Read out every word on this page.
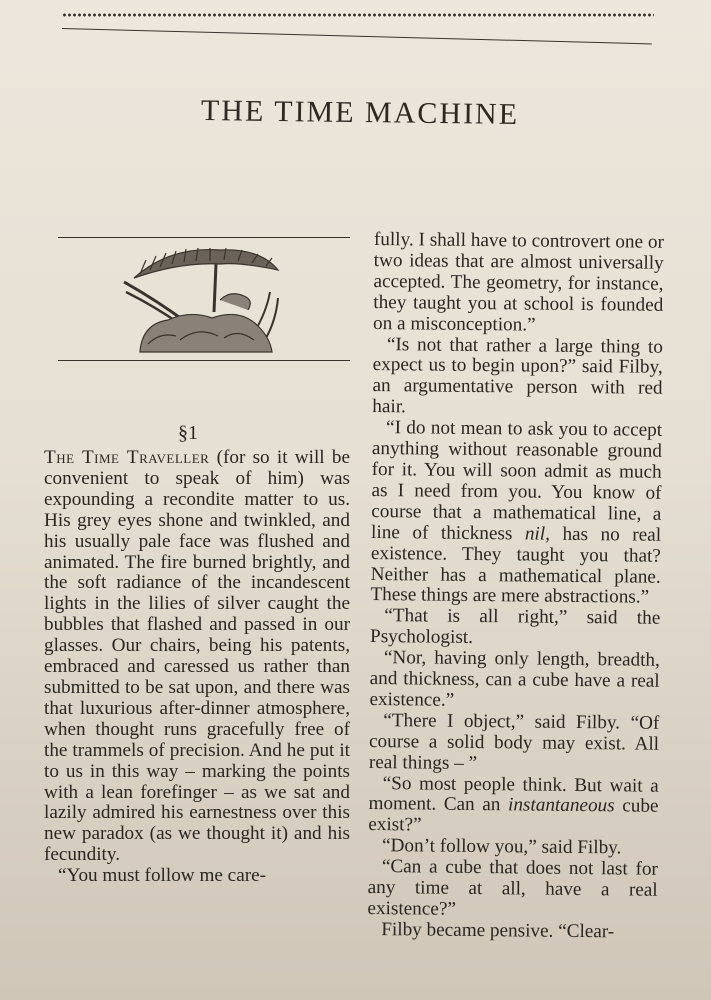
THE TIME MACHINE
§1

The Time Traveller (for so it will be convenient to speak of him) was expounding a recondite matter to us. His grey eyes shone and twinkled, and his usually pale face was flushed and animated. The fire burned brightly, and the soft radiance of the incandescent lights in the lilies of silver caught the bubbles that flashed and passed in our glasses. Our chairs, being his patents, embraced and caressed us rather than submitted to be sat upon, and there was that luxurious after-dinner atmosphere, when thought runs gracefully free of the trammels of precision. And he put it to us in this way – marking the points with a lean forefinger – as we sat and lazily admired his earnestness over this new paradox (as we thought it) and his fecundity.

“You must follow me care-

fully. I shall have to controvert one or two ideas that are almost universally accepted. The geometry, for instance, they taught you at school is founded on a misconception.”

“Is not that rather a large thing to expect us to begin upon?” said Filby, an argumentative person with red hair.

“I do not mean to ask you to accept anything without reasonable ground for it. You will soon admit as much as I need from you. You know of course that a mathematical line, a line of thickness nil, has no real existence. They taught you that? Neither has a mathematical plane. These things are mere abstractions.”

“That is all right,” said the Psychologist.

“Nor, having only length, breadth, and thickness, can a cube have a real existence.”

“There I object,” said Filby. “Of course a solid body may exist. All real things – ”

“So most people think. But wait a moment. Can an instantaneous cube exist?”

“Don’t follow you,” said Filby.

“Can a cube that does not last for any time at all, have a real existence?”

Filby became pensive. “Clear-
